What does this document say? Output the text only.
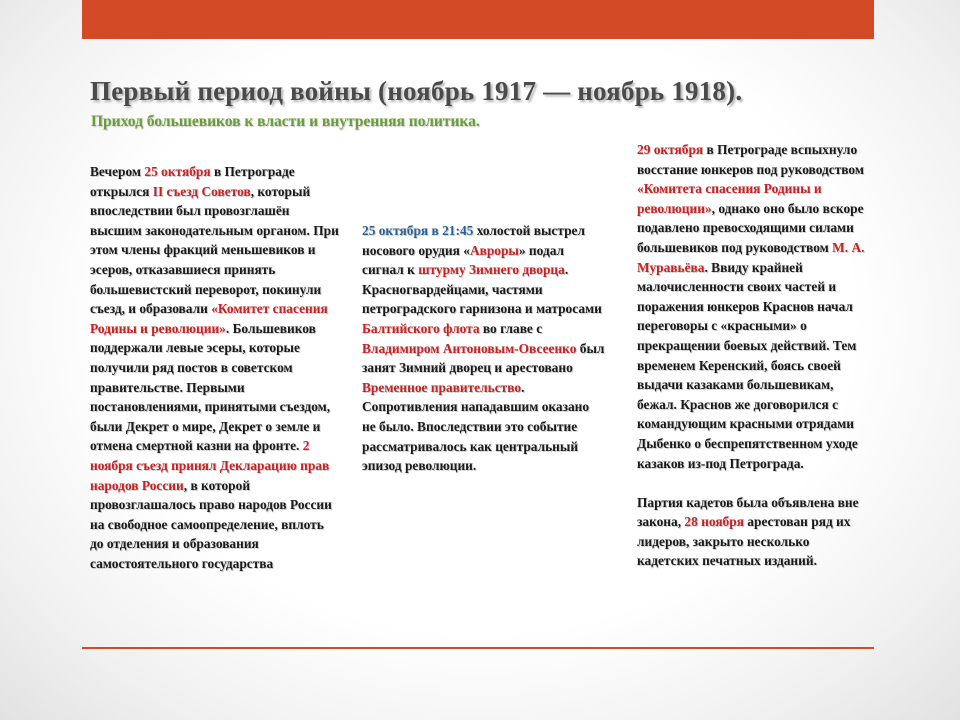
Первый период войны (ноябрь 1917 — ноябрь 1918).
Приход большевиков к власти и внутренняя политика.

Вечером 25 октября в Петрограде открылся II съезд Советов, который впоследствии был провозглашён высшим законодательным органом. При этом члены фракций меньшевиков и эсеров, отказавшиеся принять большевистский переворот, покинули съезд, и образовали «Комитет спасения Родины и революции». Большевиков поддержали левые эсеры, которые получили ряд постов в советском правительстве. Первыми постановлениями, принятыми съездом, были Декрет о мире, Декрет о земле и отмена смертной казни на фронте. 2 ноября съезд принял Декларацию прав народов России, в которой провозглашалось право народов России на свободное самоопределение, вплоть до отделения и образования самостоятельного государства

25 октября в 21:45 холостой выстрел носового орудия «Авроры» подал сигнал к штурму Зимнего дворца. Красногвардейцами, частями петроградского гарнизона и матросами Балтийского флота во главе с Владимиром Антоновым-Овсеенко был занят Зимний дворец и арестовано Временное правительство. Сопротивления нападавшим оказано не было. Впоследствии это событие рассматривалось как центральный эпизод революции.

29 октября в Петрограде вспыхнуло восстание юнкеров под руководством «Комитета спасения Родины и революции», однако оно было вскоре подавлено превосходящими силами большевиков под руководством М. А. Муравьёва. Ввиду крайней малочисленности своих частей и поражения юнкеров Краснов начал переговоры с «красными» о прекращении боевых действий. Тем временем Керенский, боясь своей выдачи казаками большевикам, бежал. Краснов же договорился с командующим красными отрядами Дыбенко о беспрепятственном уходе казаков из-под Петрограда.

Партия кадетов была объявлена вне закона, 28 ноября арестован ряд их лидеров, закрыто несколько кадетских печатных изданий.
